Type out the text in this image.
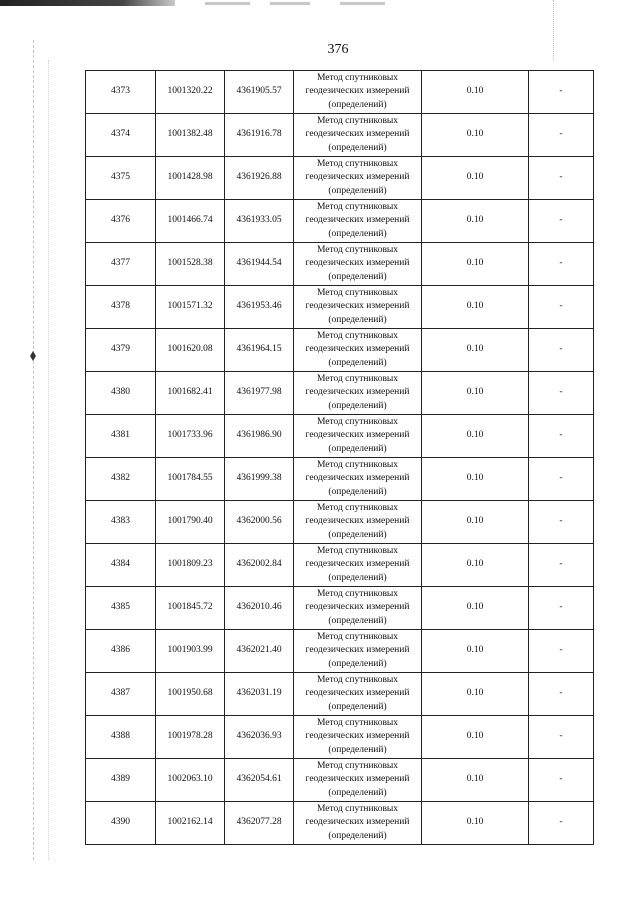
376
4373	1001320.22	4361905.57	Метод спутниковых геодезических измерений (определений)	0.10	-
4374	1001382.48	4361916.78	Метод спутниковых геодезических измерений (определений)	0.10	-
4375	1001428.98	4361926.88	Метод спутниковых геодезических измерений (определений)	0.10	-
4376	1001466.74	4361933.05	Метод спутниковых геодезических измерений (определений)	0.10	-
4377	1001528.38	4361944.54	Метод спутниковых геодезических измерений (определений)	0.10	-
4378	1001571.32	4361953.46	Метод спутниковых геодезических измерений (определений)	0.10	-
4379	1001620.08	4361964.15	Метод спутниковых геодезических измерений (определений)	0.10	-
4380	1001682.41	4361977.98	Метод спутниковых геодезических измерений (определений)	0.10	-
4381	1001733.96	4361986.90	Метод спутниковых геодезических измерений (определений)	0.10	-
4382	1001784.55	4361999.38	Метод спутниковых геодезических измерений (определений)	0.10	-
4383	1001790.40	4362000.56	Метод спутниковых геодезических измерений (определений)	0.10	-
4384	1001809.23	4362002.84	Метод спутниковых геодезических измерений (определений)	0.10	-
4385	1001845.72	4362010.46	Метод спутниковых геодезических измерений (определений)	0.10	-
4386	1001903.99	4362021.40	Метод спутниковых геодезических измерений (определений)	0.10	-
4387	1001950.68	4362031.19	Метод спутниковых геодезических измерений (определений)	0.10	-
4388	1001978.28	4362036.93	Метод спутниковых геодезических измерений (определений)	0.10	-
4389	1002063.10	4362054.61	Метод спутниковых геодезических измерений (определений)	0.10	-
4390	1002162.14	4362077.28	Метод спутниковых геодезических измерений (определений)	0.10	-
